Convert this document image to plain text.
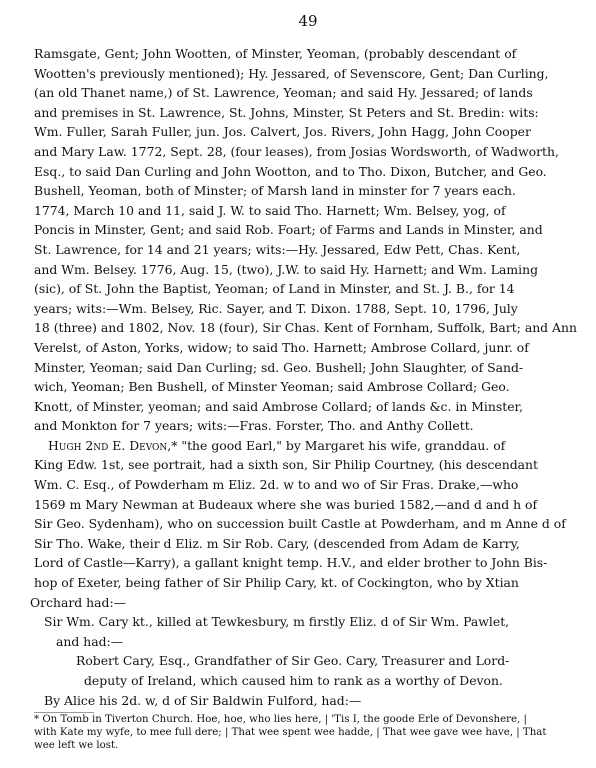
49
Ramsgate, Gent; John Wootten, of Minster, Yeoman, (probably descendant of
Wootten's previously mentioned); Hy. Jessared, of Sevenscore, Gent; Dan Curling,
(an old Thanet name,) of St. Lawrence, Yeoman; and said Hy. Jessared; of lands
and premises in St. Lawrence, St. Johns, Minster, St Peters and St. Bredin: wits:
Wm. Fuller, Sarah Fuller, jun. Jos. Calvert, Jos. Rivers, John Hagg, John Cooper
and Mary Law. 1772, Sept. 28, (four leases), from Josias Wordsworth, of Wadworth,
Esq., to said Dan Curling and John Wootton, and to Tho. Dixon, Butcher, and Geo.
Bushell, Yeoman, both of Minster; of Marsh land in minster for 7 years each.
1774, March 10 and 11, said J. W. to said Tho. Harnett; Wm. Belsey, yog, of
Poncis in Minster, Gent; and said Rob. Foart; of Farms and Lands in Minster, and
St. Lawrence, for 14 and 21 years; wits:—Hy. Jessared, Edw Pett, Chas. Kent,
and Wm. Belsey. 1776, Aug. 15, (two), J.W. to said Hy. Harnett; and Wm. Laming
(sic), of St. John the Baptist, Yeoman; of Land in Minster, and St. J. B., for 14
years; wits:—Wm. Belsey, Ric. Sayer, and T. Dixon. 1788, Sept. 10, 1796, July
18 (three) and 1802, Nov. 18 (four), Sir Chas. Kent of Fornham, Suffolk, Bart; and Ann
Verelst, of Aston, Yorks, widow; to said Tho. Harnett; Ambrose Collard, junr. of
Minster, Yeoman; said Dan Curling; sd. Geo. Bushell; John Slaughter, of Sand-
wich, Yeoman; Ben Bushell, of Minster Yeoman; said Ambrose Collard; Geo.
Knott, of Minster, yeoman; and said Ambrose Collard; of lands &c. in Minster,
and Monkton for 7 years; wits:—Fras. Forster, Tho. and Anthy Collett.
Hugh 2nd E. Devon,* "the good Earl," by Margaret his wife, granddau. of
King Edw. 1st, see portrait, had a sixth son, Sir Philip Courtney, (his descendant
Wm. C. Esq., of Powderham m Eliz. 2d. w to and wo of Sir Fras. Drake,—who
1569 m Mary Newman at Budeaux where she was buried 1582,—and d and h of
Sir Geo. Sydenham), who on succession built Castle at Powderham, and m Anne d of
Sir Tho. Wake, their d Eliz. m Sir Rob. Cary, (descended from Adam de Karry,
Lord of Castle—Karry), a gallant knight temp. H.V., and elder brother to John Bis-
hop of Exeter, being father of Sir Philip Cary, kt. of Cockington, who by Xtian
Orchard had:—
Sir Wm. Cary kt., killed at Tewkesbury, m firstly Eliz. d of Sir Wm. Pawlet,
and had:—
Robert Cary, Esq., Grandfather of Sir Geo. Cary, Treasurer and Lord-
deputy of Ireland, which caused him to rank as a worthy of Devon.
By Alice his 2d. w, d of Sir Baldwin Fulford, had:—
* On Tomb in Tiverton Church. Hoe, hoe, who lies here, | 'Tis I, the goode Erle of Devonshere, |
with Kate my wyfe, to mee full dere; | That wee spent wee hadde, | That wee gave wee have, | That
wee left we lost.
